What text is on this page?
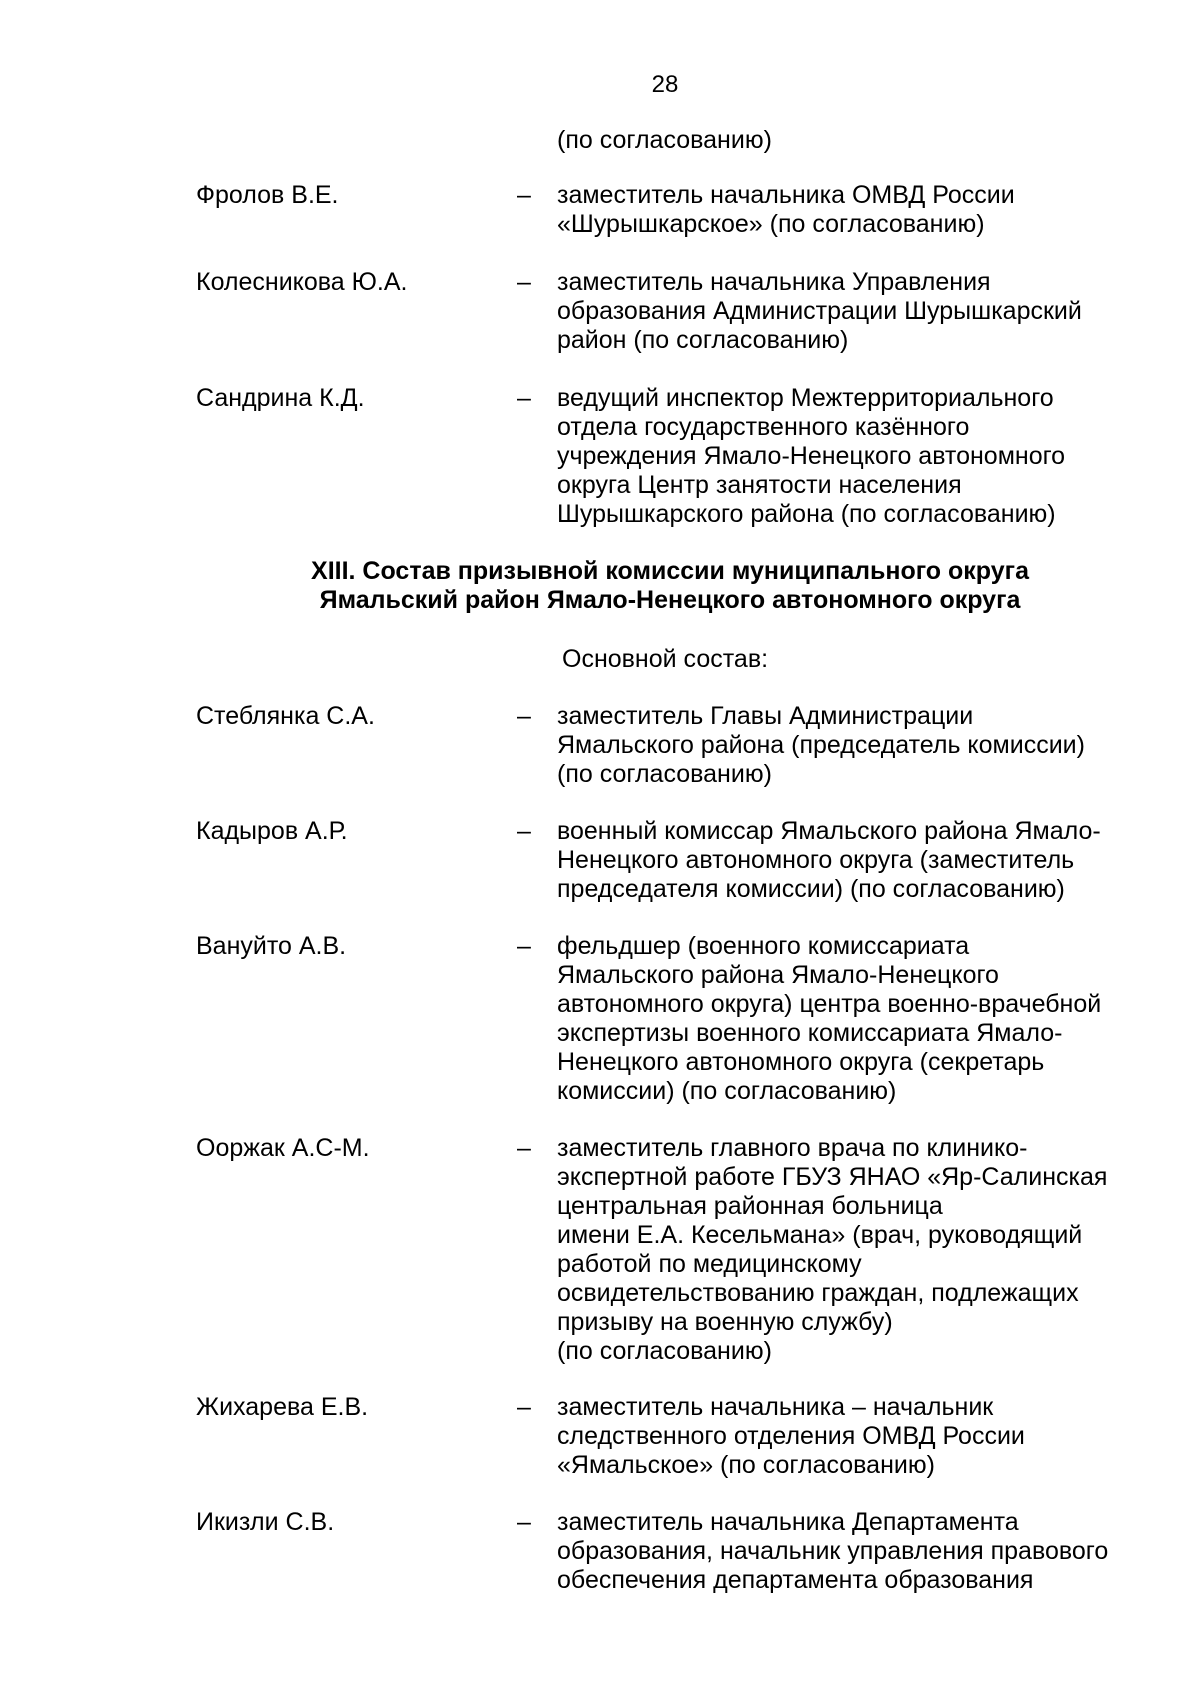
28
(по согласованию)
Фролов В.Е.	– заместитель начальника ОМВД России
«Шурышкарское» (по согласованию)
Колесникова Ю.А.	– заместитель начальника Управления
образования Администрации Шурышкарский
район (по согласованию)
Сандрина К.Д.	– ведущий инспектор Межтерриториального
отдела государственного казённого
учреждения Ямало-Ненецкого автономного
округа Центр занятости населения
Шурышкарского района (по согласованию)
XIII. Состав призывной комиссии муниципального округа
Ямальский район Ямало-Ненецкого автономного округа
Основной состав:
Стеблянка С.А.	– заместитель Главы Администрации
Ямальского района (председатель комиссии)
(по согласованию)
Кадыров А.Р.	– военный комиссар Ямальского района Ямало-
Ненецкого автономного округа (заместитель
председателя комиссии) (по согласованию)
Вануйто А.В.	– фельдшер (военного комиссариата
Ямальского района Ямало-Ненецкого
автономного округа) центра военно-врачебной
экспертизы военного комиссариата Ямало-
Ненецкого автономного округа (секретарь
комиссии) (по согласованию)
Ооржак А.С-М.	– заместитель главного врача по клинико-
экспертной работе ГБУЗ ЯНАО «Яр-Салинская
центральная районная больница
имени Е.А. Кесельмана» (врач, руководящий
работой по медицинскому
освидетельствованию граждан, подлежащих
призыву на военную службу)
(по согласованию)
Жихарева Е.В.	– заместитель начальника – начальник
следственного отделения ОМВД России
«Ямальское» (по согласованию)
Икизли С.В.	– заместитель начальника Департамента
образования, начальник управления правового
обеспечения департамента образования
